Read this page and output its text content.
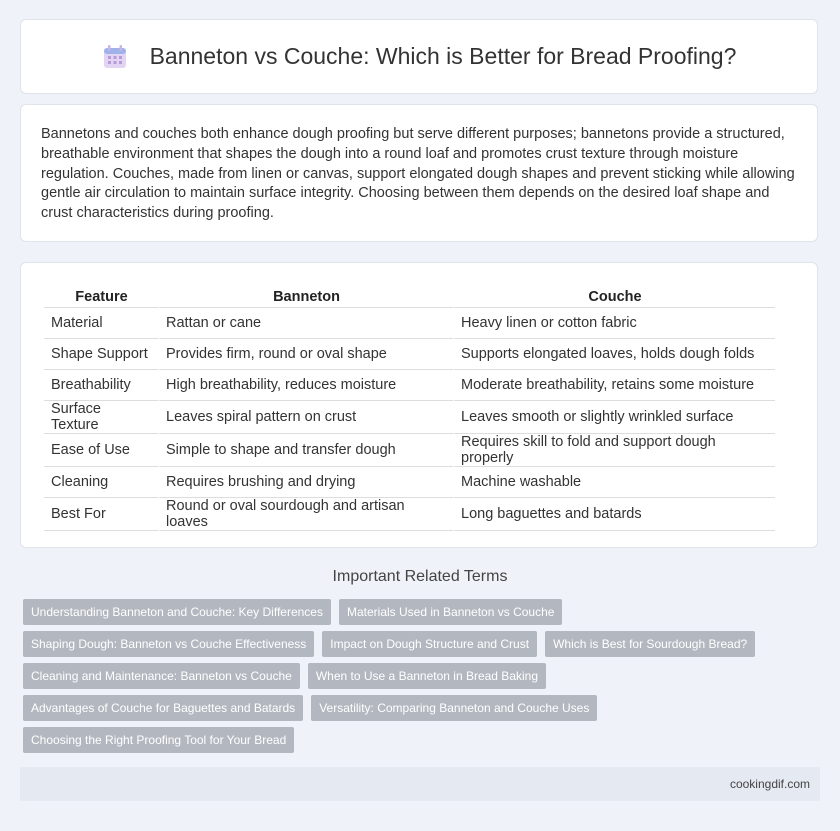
Banneton vs Couche: Which is Better for Bread Proofing?

Bannetons and couches both enhance dough proofing but serve different purposes; bannetons provide a structured, breathable environment that shapes the dough into a round loaf and promotes crust texture through moisture regulation. Couches, made from linen or canvas, support elongated dough shapes and prevent sticking while allowing gentle air circulation to maintain surface integrity. Choosing between them depends on the desired loaf shape and crust characteristics during proofing.

Feature	Banneton	Couche
Material	Rattan or cane	Heavy linen or cotton fabric
Shape Support	Provides firm, round or oval shape	Supports elongated loaves, holds dough folds
Breathability	High breathability, reduces moisture	Moderate breathability, retains some moisture
Surface Texture	Leaves spiral pattern on crust	Leaves smooth or slightly wrinkled surface
Ease of Use	Simple to shape and transfer dough	Requires skill to fold and support dough properly
Cleaning	Requires brushing and drying	Machine washable
Best For	Round or oval sourdough and artisan loaves	Long baguettes and batards
Important Related Terms
Understanding Banneton and Couche: Key Differences	Materials Used in Banneton vs Couche
Shaping Dough: Banneton vs Couche Effectiveness	Impact on Dough Structure and Crust	Which is Best for Sourdough Bread?
Cleaning and Maintenance: Banneton vs Couche	When to Use a Banneton in Bread Baking
Advantages of Couche for Baguettes and Batards	Versatility: Comparing Banneton and Couche Uses
Choosing the Right Proofing Tool for Your Bread
cookingdif.com
